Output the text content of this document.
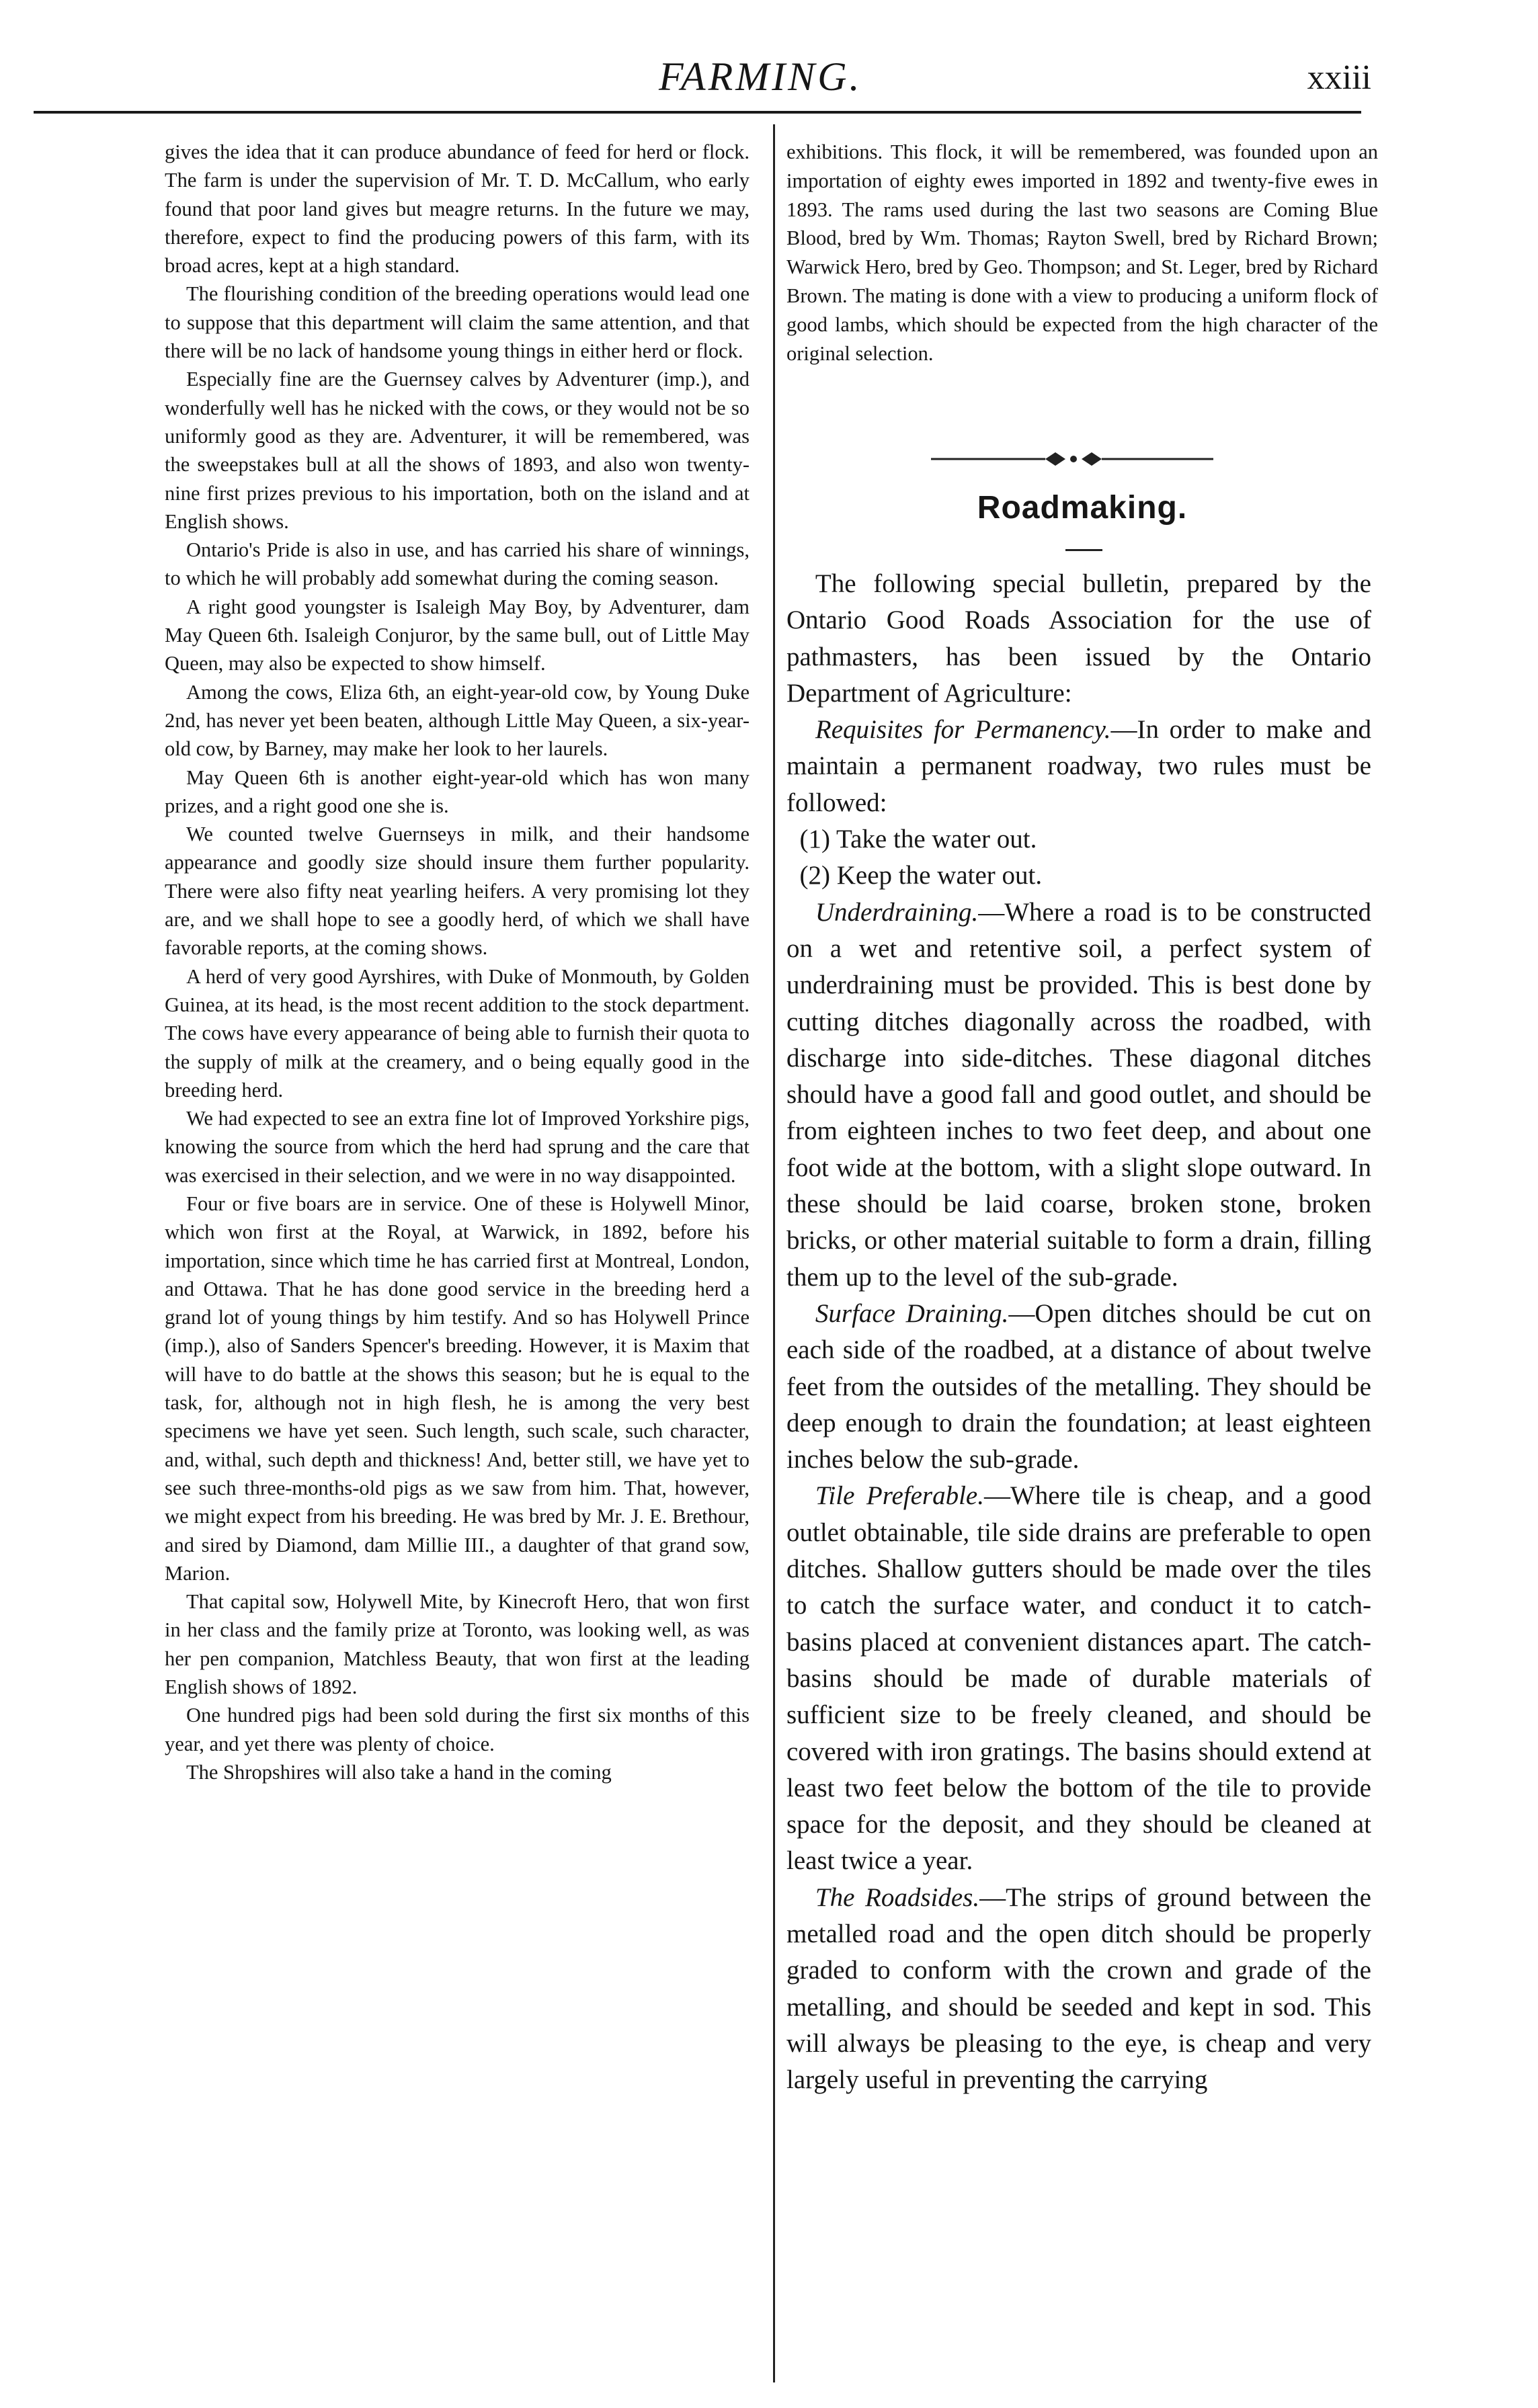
FARMING.	xxiii

gives the idea that it can produce abundance of feed for herd or flock. The farm is under the supervision of Mr. T. D. McCallum, who early found that poor land gives but meagre returns. In the future we may, therefore, expect to find the producing powers of this farm, with its broad acres, kept at a high standard.

The flourishing condition of the breeding operations would lead one to suppose that this department will claim the same attention, and that there will be no lack of handsome young things in either herd or flock.

Especially fine are the Guernsey calves by Adventurer (imp.), and wonderfully well has he nicked with the cows, or they would not be so uniformly good as they are. Adventurer, it will be remembered, was the sweepstakes bull at all the shows of 1893, and also won twenty-nine first prizes previous to his importation, both on the island and at English shows.

Ontario's Pride is also in use, and has carried his share of winnings, to which he will probably add somewhat during the coming season.

A right good youngster is Isaleigh May Boy, by Adventurer, dam May Queen 6th. Isaleigh Conjuror, by the same bull, out of Little May Queen, may also be expected to show himself.

Among the cows, Eliza 6th, an eight-year-old cow, by Young Duke 2nd, has never yet been beaten, although Little May Queen, a six-year-old cow, by Barney, may make her look to her laurels.

May Queen 6th is another eight-year-old which has won many prizes, and a right good one she is.

We counted twelve Guernseys in milk, and their handsome appearance and goodly size should insure them further popularity. There were also fifty neat yearling heifers. A very promising lot they are, and we shall hope to see a goodly herd, of which we shall have favorable reports, at the coming shows.

A herd of very good Ayrshires, with Duke of Monmouth, by Golden Guinea, at its head, is the most recent addition to the stock department. The cows have every appearance of being able to furnish their quota to the supply of milk at the creamery, and o being equally good in the breeding herd.

We had expected to see an extra fine lot of Improved Yorkshire pigs, knowing the source from which the herd had sprung and the care that was exercised in their selection, and we were in no way disappointed.

Four or five boars are in service. One of these is Holywell Minor, which won first at the Royal, at Warwick, in 1892, before his importation, since which time he has carried first at Montreal, London, and Ottawa. That he has done good service in the breeding herd a grand lot of young things by him testify. And so has Holywell Prince (imp.), also of Sanders Spencer's breeding. However, it is Maxim that will have to do battle at the shows this season; but he is equal to the task, for, although not in high flesh, he is among the very best specimens we have yet seen. Such length, such scale, such character, and, withal, such depth and thickness! And, better still, we have yet to see such three-months-old pigs as we saw from him. That, however, we might expect from his breeding. He was bred by Mr. J. E. Brethour, and sired by Diamond, dam Millie III., a daughter of that grand sow, Marion.

That capital sow, Holywell Mite, by Kinecroft Hero, that won first in her class and the family prize at Toronto, was looking well, as was her pen companion, Matchless Beauty, that won first at the leading English shows of 1892.

One hundred pigs had been sold during the first six months of this year, and yet there was plenty of choice.

The Shropshires will also take a hand in the coming

exhibitions. This flock, it will be remembered, was founded upon an importation of eighty ewes imported in 1892 and twenty-five ewes in 1893. The rams used during the last two seasons are Coming Blue Blood, bred by Wm. Thomas; Rayton Swell, bred by Richard Brown; Warwick Hero, bred by Geo. Thompson; and St. Leger, bred by Richard Brown. The mating is done with a view to producing a uniform flock of good lambs, which should be expected from the high character of the original selection.

Roadmaking.

The following special bulletin, prepared by the Ontario Good Roads Association for the use of pathmasters, has been issued by the Ontario Department of Agriculture:

Requisites for Permanency.—In order to make and maintain a permanent roadway, two rules must be followed:

(1) Take the water out.

(2) Keep the water out.

Underdraining.—Where a road is to be constructed on a wet and retentive soil, a perfect system of underdraining must be provided. This is best done by cutting ditches diagonally across the roadbed, with discharge into side-ditches. These diagonal ditches should have a good fall and good outlet, and should be from eighteen inches to two feet deep, and about one foot wide at the bottom, with a slight slope outward. In these should be laid coarse, broken stone, broken bricks, or other material suitable to form a drain, filling them up to the level of the sub-grade.

Surface Draining.—Open ditches should be cut on each side of the roadbed, at a distance of about twelve feet from the outsides of the metalling. They should be deep enough to drain the foundation; at least eighteen inches below the sub-grade.

Tile Preferable.—Where tile is cheap, and a good outlet obtainable, tile side drains are preferable to open ditches. Shallow gutters should be made over the tiles to catch the surface water, and conduct it to catch-basins placed at convenient distances apart. The catch-basins should be made of durable materials of sufficient size to be freely cleaned, and should be covered with iron gratings. The basins should extend at least two feet below the bottom of the tile to provide space for the deposit, and they should be cleaned at least twice a year.

The Roadsides.—The strips of ground between the metalled road and the open ditch should be properly graded to conform with the crown and grade of the metalling, and should be seeded and kept in sod. This will always be pleasing to the eye, is cheap and very largely useful in preventing the carrying
